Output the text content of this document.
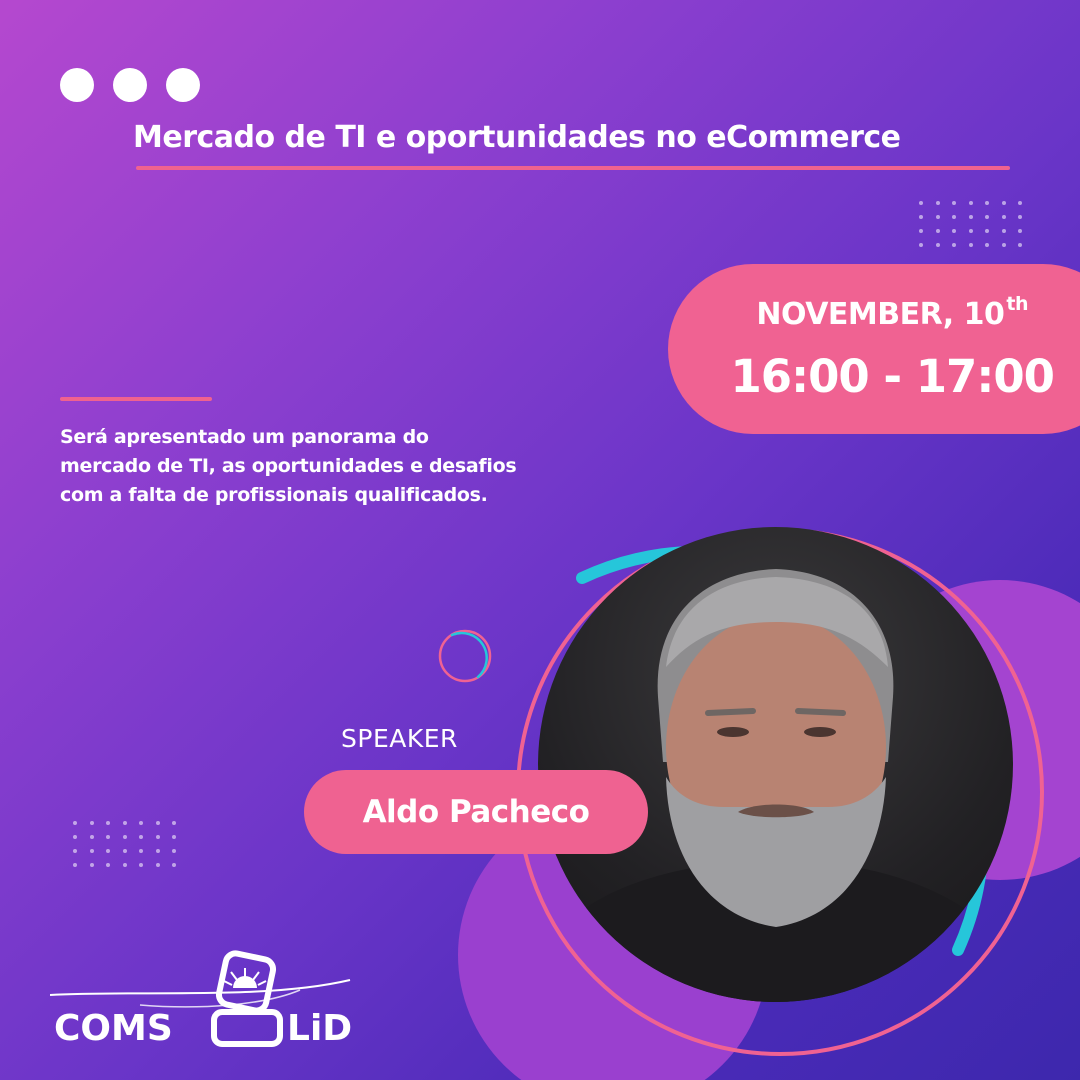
Mercado de TI e oportunidades no eCommerce
NOVEMBER, 10 $^{th}$
16:00 - 17:00

Será apresentado um panorama do
mercado de TI, as oportunidades e desafios
com a falta de profissionais qualificados.

SPEAKER

Aldo Pacheco
COMS	LiD
